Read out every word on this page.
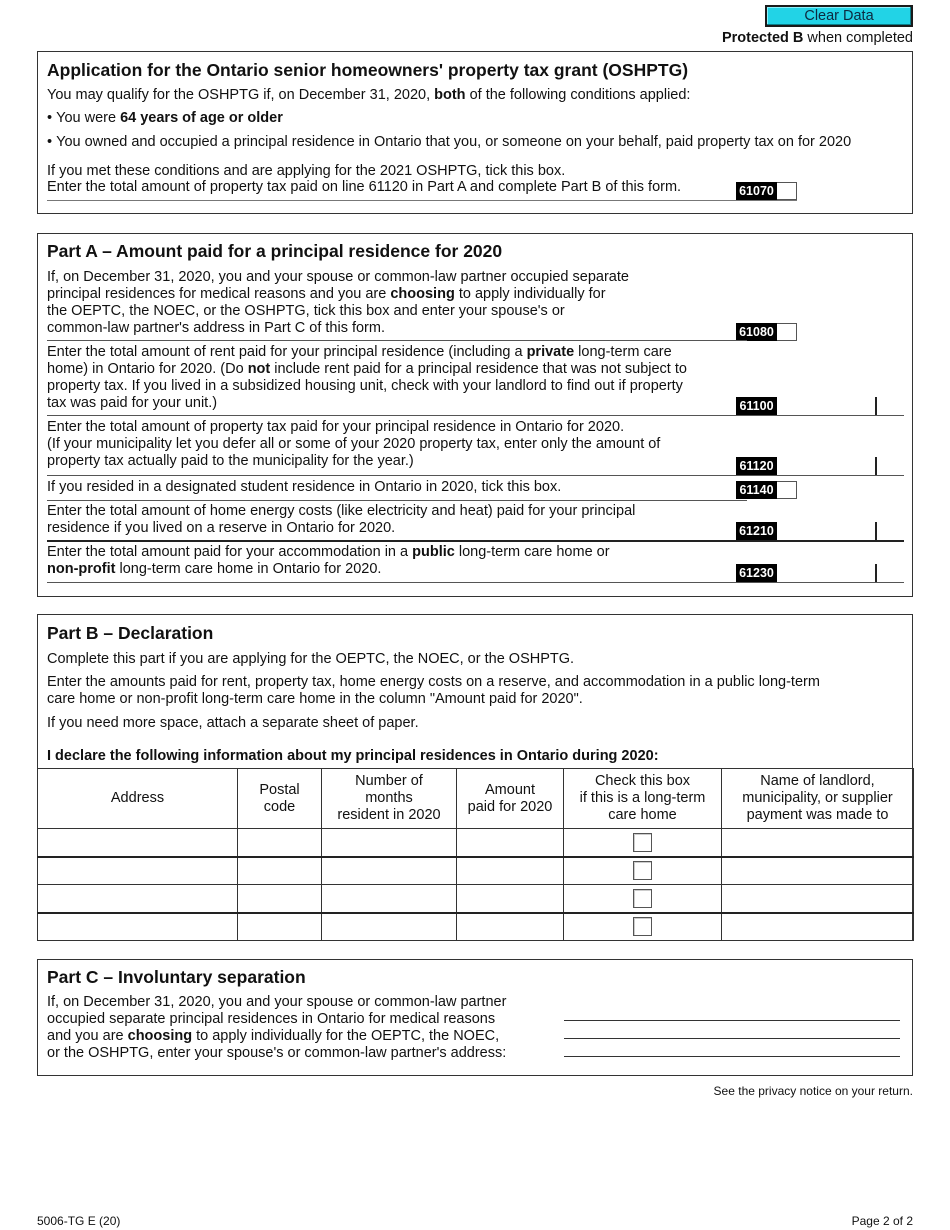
Clear Data
Protected B when completed
Application for the Ontario senior homeowners' property tax grant (OSHPTG)
You may qualify for the OSHPTG if, on December 31, 2020, both of the following conditions applied:
• You were 64 years of age or older
• You owned and occupied a principal residence in Ontario that you, or someone on your behalf, paid property tax on for 2020
If you met these conditions and are applying for the 2021 OSHPTG, tick this box.
Enter the total amount of property tax paid on line 61120 in Part A and complete Part B of this form.	61070
Part A – Amount paid for a principal residence for 2020
If, on December 31, 2020, you and your spouse or common-law partner occupied separate
principal residences for medical reasons and you are choosing to apply individually for
the OEPTC, the NOEC, or the OSHPTG, tick this box and enter your spouse's or
common-law partner's address in Part C of this form.	61080
Enter the total amount of rent paid for your principal residence (including a private long-term care
home) in Ontario for 2020. (Do not include rent paid for a principal residence that was not subject to
property tax. If you lived in a subsidized housing unit, check with your landlord to find out if property
tax was paid for your unit.)	61100
Enter the total amount of property tax paid for your principal residence in Ontario for 2020.
(If your municipality let you defer all or some of your 2020 property tax, enter only the amount of
property tax actually paid to the municipality for the year.)	61120
If you resided in a designated student residence in Ontario in 2020, tick this box.	61140
Enter the total amount of home energy costs (like electricity and heat) paid for your principal
residence if you lived on a reserve in Ontario for 2020.	61210
Enter the total amount paid for your accommodation in a public long-term care home or
non-profit long-term care home in Ontario for 2020.	61230
Part B – Declaration
Complete this part if you are applying for the OEPTC, the NOEC, or the OSHPTG.
Enter the amounts paid for rent, property tax, home energy costs on a reserve, and accommodation in a public long-term
care home or non-profit long-term care home in the column "Amount paid for 2020".
If you need more space, attach a separate sheet of paper.
I declare the following information about my principal residences in Ontario during 2020:
Address

Postal
code

Number of
months
resident in 2020

Amount
paid for 2020

Check this box
if this is a long-term
care home

Name of landlord,
municipality, or supplier
payment was made to

Part C – Involuntary separation
If, on December 31, 2020, you and your spouse or common-law partner
occupied separate principal residences in Ontario for medical reasons
and you are choosing to apply individually for the OEPTC, the NOEC,
or the OSHPTG, enter your spouse's or common-law partner's address:
See the privacy notice on your return.
5006-TG E (20)	Page 2 of 2
